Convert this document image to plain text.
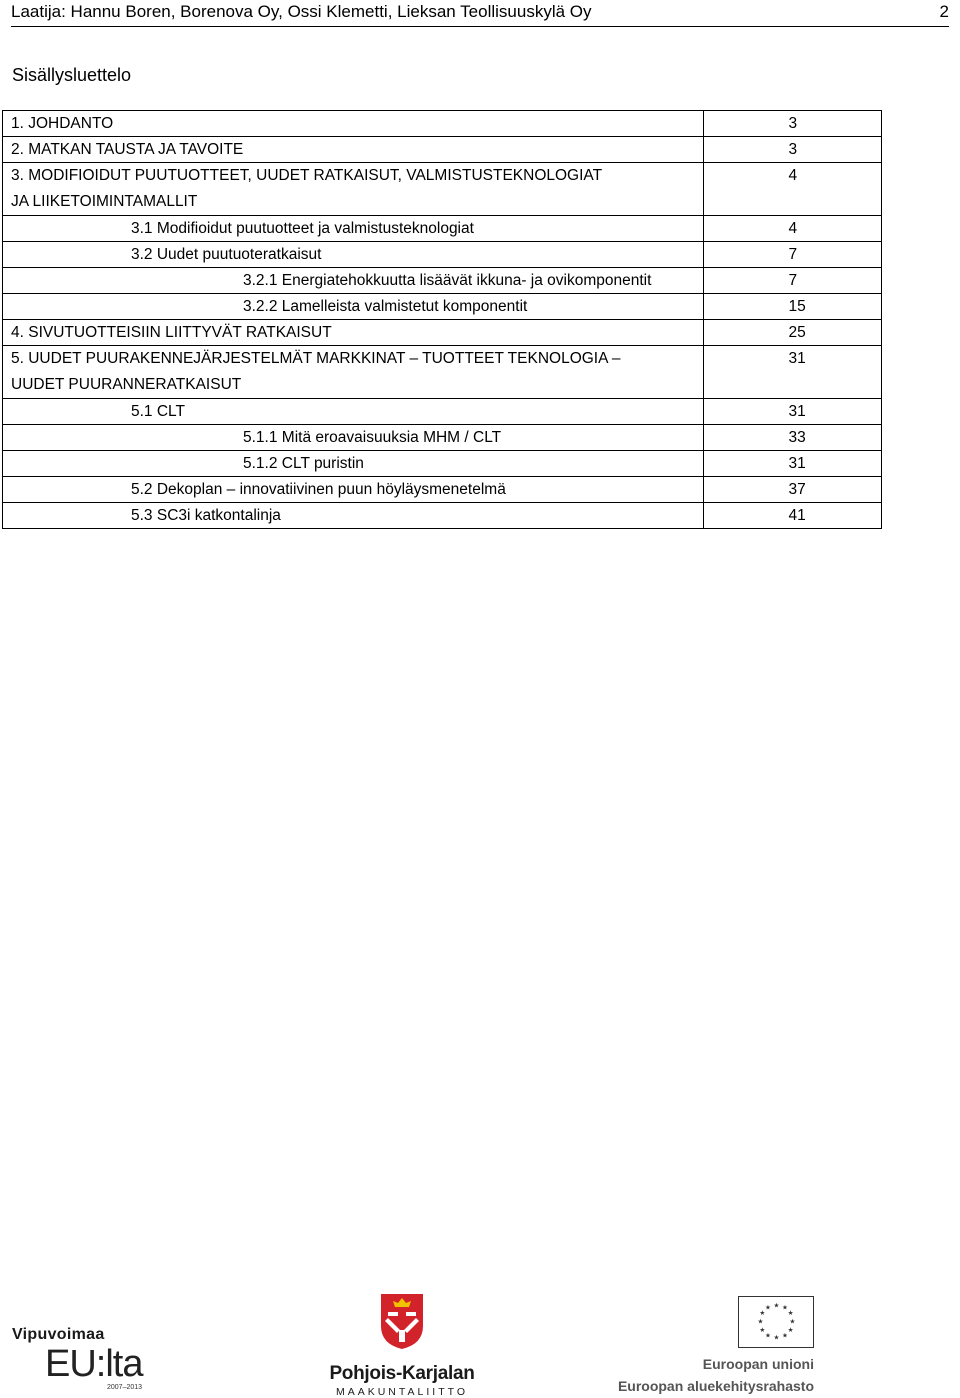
Laatija: Hannu Boren, Borenova Oy, Ossi Klemetti, Lieksan Teollisuuskylä Oy	2
Sisällysluettelo
1. JOHDANTO	3

2. MATKAN TAUSTA JA TAVOITE	3

3. MODIFIOIDUT PUUTUOTTEET, UUDET RATKAISUT, VALMISTUSTEKNOLOGIAT JA LIIKETOIMINTAMALLIT	4

3.1 Modifioidut puutuotteet ja valmistusteknologiat	4

3.2 Uudet puutuoteratkaisut	7

3.2.1 Energiatehokkuutta lisäävät ikkuna- ja ovikomponentit	7

3.2.2 Lamelleista valmistetut komponentit	15

4. SIVUTUOTTEISIIN LIITTYVÄT RATKAISUT	25

5. UUDET PUURAKENNEJÄRJESTELMÄT MARKKINAT – TUOTTEET TEKNOLOGIA – UUDET PUURANNERATKAISUT	31

5.1 CLT	31

5.1.1 Mitä eroavaisuuksia MHM / CLT	33

5.1.2 CLT puristin	31

5.2 Dekoplan – innovatiivinen puun höyläysmenetelmä	37

5.3 SC3i katkontalinja	41
Vipuvoimaa
EU:lta
2007–2013
Pohjois-Karjalan
MAAKUNTALIITTO
★ ★
★
★
★
★
★
★
★
★
★
★
Euroopan unioni
Euroopan aluekehitysrahasto
